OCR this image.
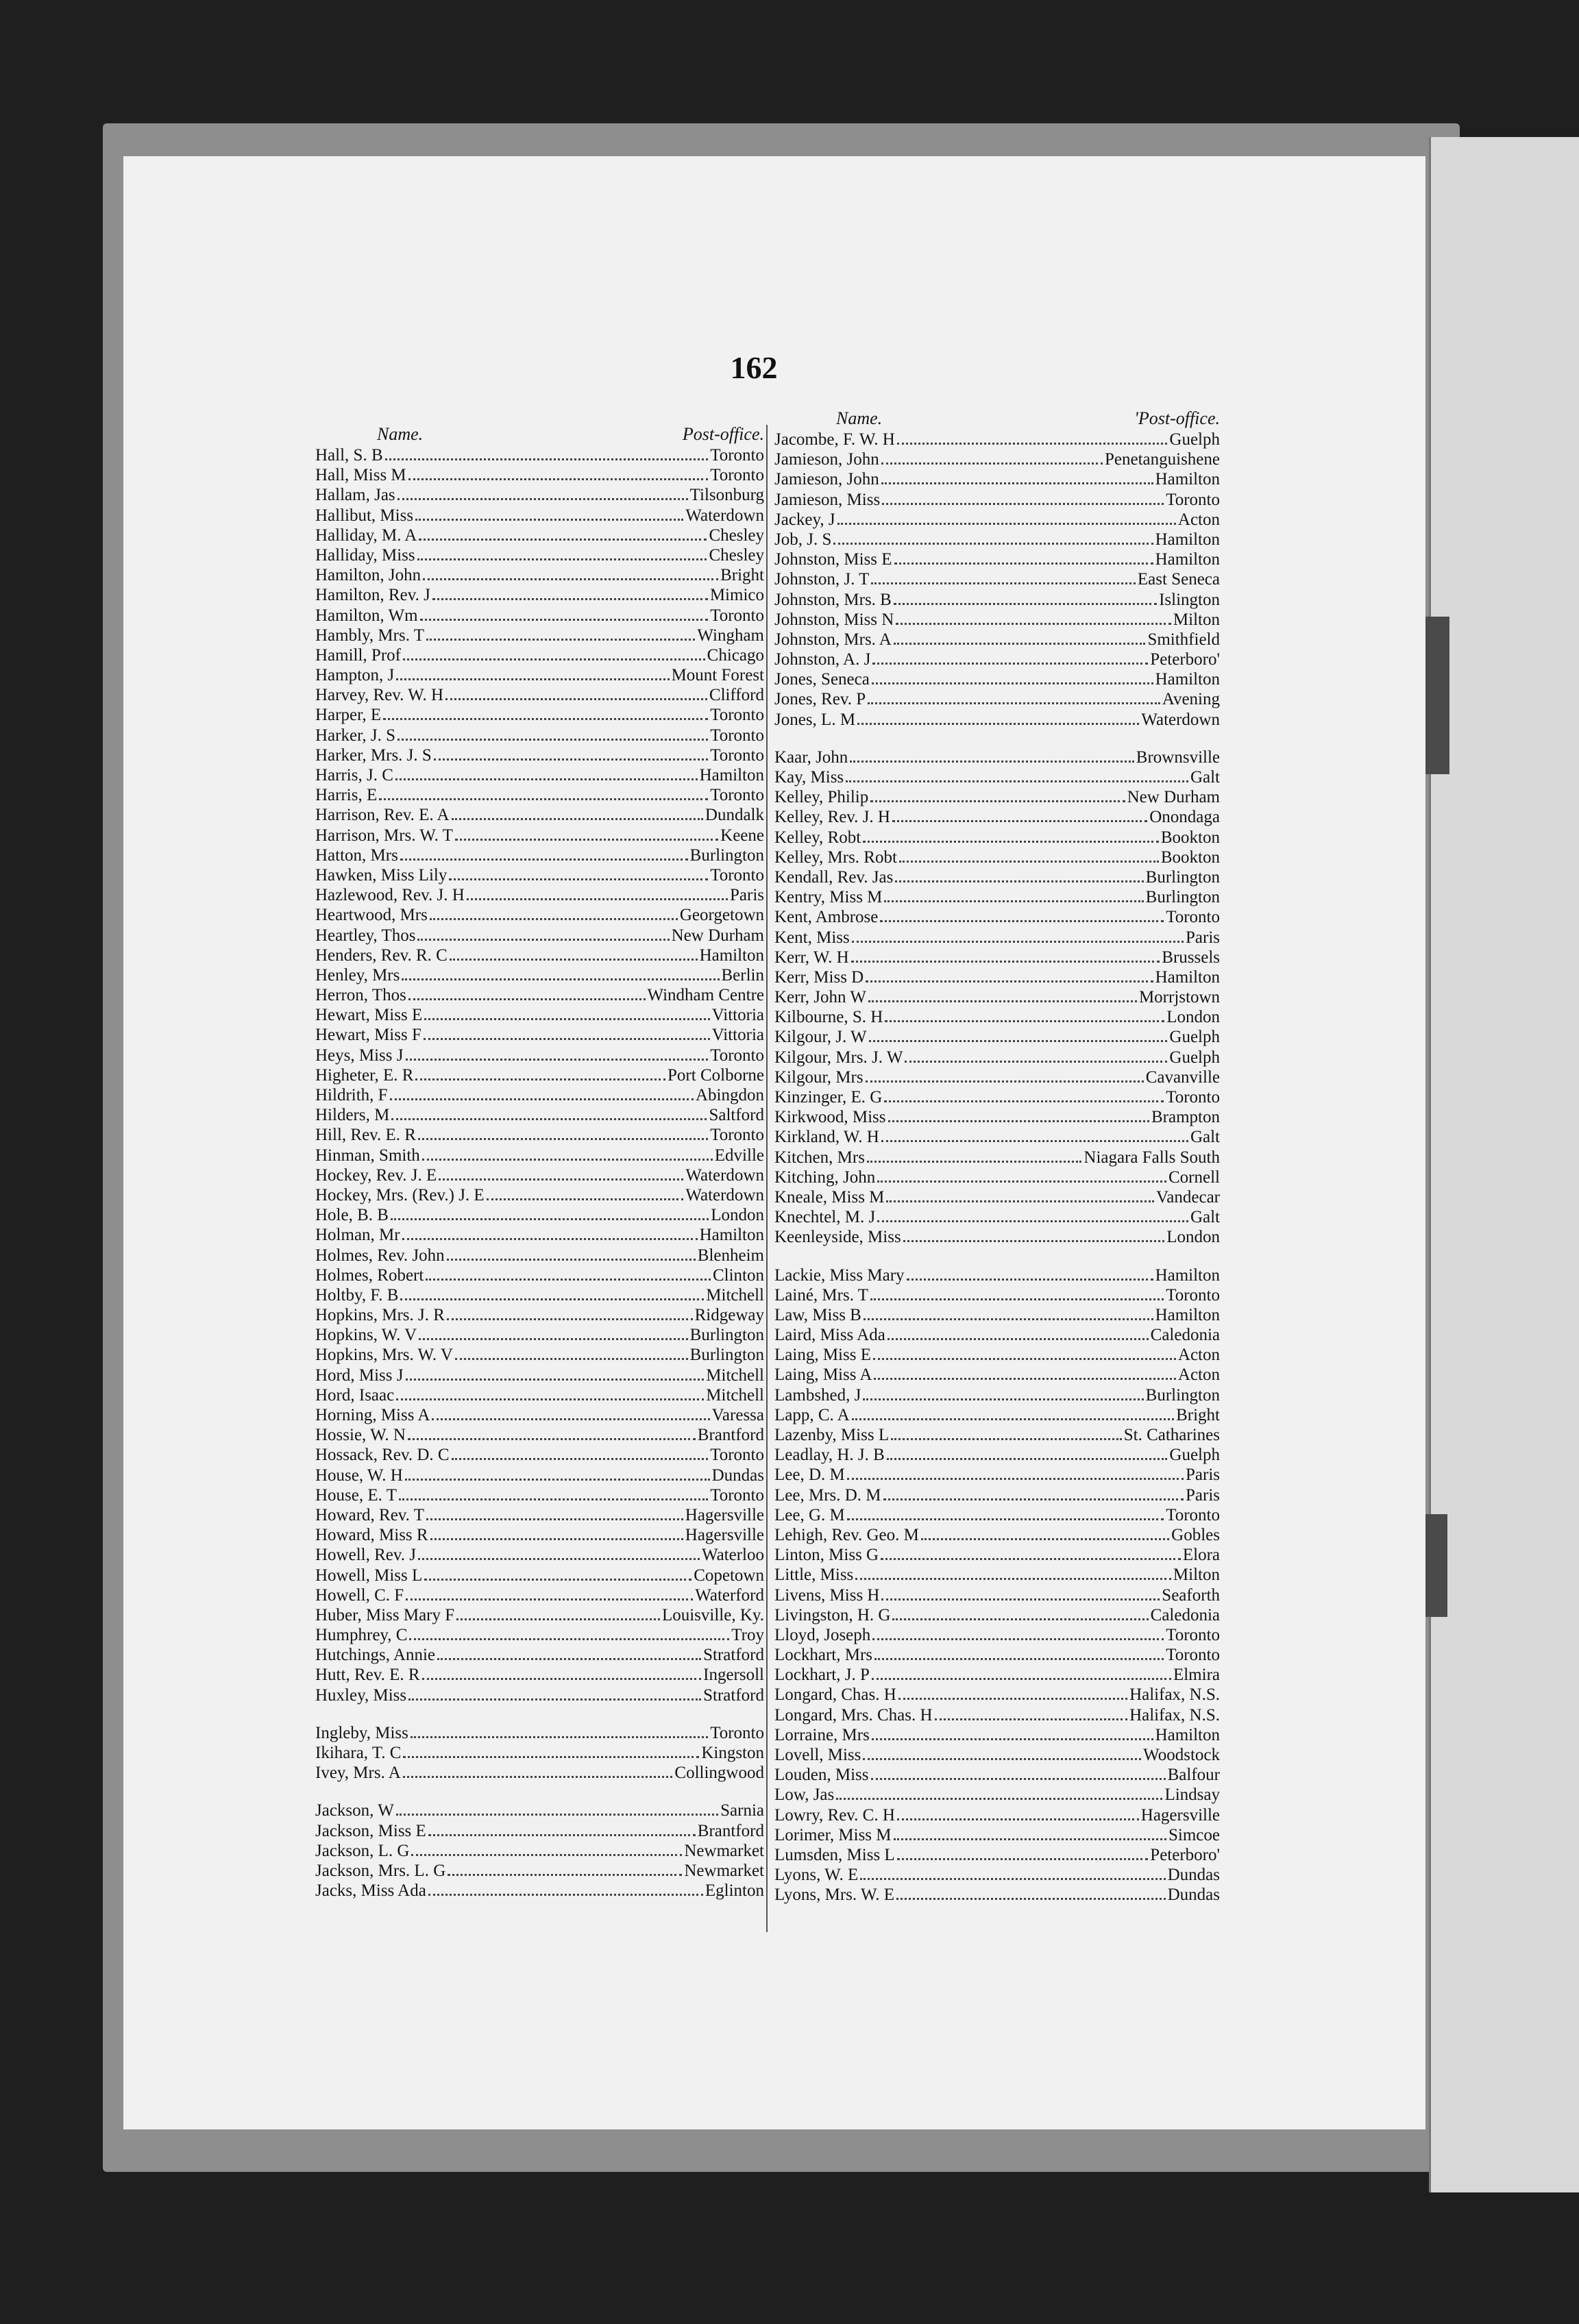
162
Name.	Post-office.
Hall, S. B	Toronto
Hall, Miss M	Toronto
Hallam, Jas	Tilsonburg
Hallibut, Miss	Waterdown
Halliday, M. A	Chesley
Halliday, Miss	Chesley
Hamilton, John	Bright
Hamilton, Rev. J	Mimico
Hamilton, Wm	Toronto
Hambly, Mrs. T	Wingham
Hamill, Prof	Chicago
Hampton, J	Mount Forest
Harvey, Rev. W. H	Clifford
Harper, E	Toronto
Harker, J. S	Toronto
Harker, Mrs. J. S	Toronto
Harris, J. C	Hamilton
Harris, E	Toronto
Harrison, Rev. E. A	Dundalk
Harrison, Mrs. W. T	Keene
Hatton, Mrs	Burlington
Hawken, Miss Lily	Toronto
Hazlewood, Rev. J. H	Paris
Heartwood, Mrs	Georgetown
Heartley, Thos	New Durham
Henders, Rev. R. C	Hamilton
Henley, Mrs	Berlin
Herron, Thos	Windham Centre
Hewart, Miss E	Vittoria
Hewart, Miss F	Vittoria
Heys, Miss J	Toronto
Higheter, E. R	Port Colborne
Hildrith, F	Abingdon
Hilders, M	Saltford
Hill, Rev. E. R	Toronto
Hinman, Smith	Edville
Hockey, Rev. J. E	Waterdown
Hockey, Mrs. (Rev.) J. E	Waterdown
Hole, B. B	London
Holman, Mr	Hamilton
Holmes, Rev. John	Blenheim
Holmes, Robert	Clinton
Holtby, F. B	Mitchell
Hopkins, Mrs. J. R	Ridgeway
Hopkins, W. V	Burlington
Hopkins, Mrs. W. V	Burlington
Hord, Miss J	Mitchell
Hord, Isaac	Mitchell
Horning, Miss A	Varessa
Hossie, W. N	Brantford
Hossack, Rev. D. C	Toronto
House, W. H	Dundas
House, E. T	Toronto
Howard, Rev. T	Hagersville
Howard, Miss R	Hagersville
Howell, Rev. J	Waterloo
Howell, Miss L	Copetown
Howell, C. F	Waterford
Huber, Miss Mary F	Louisville, Ky.
Humphrey, C	Troy
Hutchings, Annie	Stratford
Hutt, Rev. E. R	Ingersoll
Huxley, Miss	Stratford
Ingleby, Miss	Toronto
Ikihara, T. C	Kingston
Ivey, Mrs. A	Collingwood
Jackson, W	Sarnia
Jackson, Miss E	Brantford
Jackson, L. G	Newmarket
Jackson, Mrs. L. G	Newmarket
Jacks, Miss Ada	Eglinton
Name.	'Post-office.
Jacombe, F. W. H	Guelph
Jamieson, John	Penetanguishene
Jamieson, John	Hamilton
Jamieson, Miss	Toronto
Jackey, J	Acton
Job, J. S	Hamilton
Johnston, Miss E	Hamilton
Johnston, J. T	East Seneca
Johnston, Mrs. B	Islington
Johnston, Miss N	Milton
Johnston, Mrs. A	Smithfield
Johnston, A. J	Peterboro'
Jones, Seneca	Hamilton
Jones, Rev. P	Avening
Jones, L. M	Waterdown
Kaar, John	Brownsville
Kay, Miss	Galt
Kelley, Philip	New Durham
Kelley, Rev. J. H	Onondaga
Kelley, Robt	Bookton
Kelley, Mrs. Robt	Bookton
Kendall, Rev. Jas	Burlington
Kentry, Miss M	Burlington
Kent, Ambrose	Toronto
Kent, Miss	Paris
Kerr, W. H	Brussels
Kerr, Miss D	Hamilton
Kerr, John W	Morrjstown
Kilbourne, S. H	London
Kilgour, J. W	Guelph
Kilgour, Mrs. J. W	Guelph
Kilgour, Mrs	Cavanville
Kinzinger, E. G	Toronto
Kirkwood, Miss	Brampton
Kirkland, W. H	Galt
Kitchen, Mrs	Niagara Falls South
Kitching, John	Cornell
Kneale, Miss M	Vandecar
Knechtel, M. J	Galt
Keenleyside, Miss	London
Lackie, Miss Mary	Hamilton
Lainé, Mrs. T	Toronto
Law, Miss B	Hamilton
Laird, Miss Ada	Caledonia
Laing, Miss E	Acton
Laing, Miss A	Acton
Lambshed, J	Burlington
Lapp, C. A	Bright
Lazenby, Miss L	St. Catharines
Leadlay, H. J. B	Guelph
Lee, D. M	Paris
Lee, Mrs. D. M	Paris
Lee, G. M	Toronto
Lehigh, Rev. Geo. M	Gobles
Linton, Miss G	Elora
Little, Miss	Milton
Livens, Miss H	Seaforth
Livingston, H. G	Caledonia
Lloyd, Joseph	Toronto
Lockhart, Mrs	Toronto
Lockhart, J. P	Elmira
Longard, Chas. H	Halifax, N.S.
Longard, Mrs. Chas. H	Halifax, N.S.
Lorraine, Mrs	Hamilton
Lovell, Miss	Woodstock
Louden, Miss	Balfour
Low, Jas	Lindsay
Lowry, Rev. C. H	Hagersville
Lorimer, Miss M	Simcoe
Lumsden, Miss L	Peterboro'
Lyons, W. E	Dundas
Lyons, Mrs. W. E	Dundas
